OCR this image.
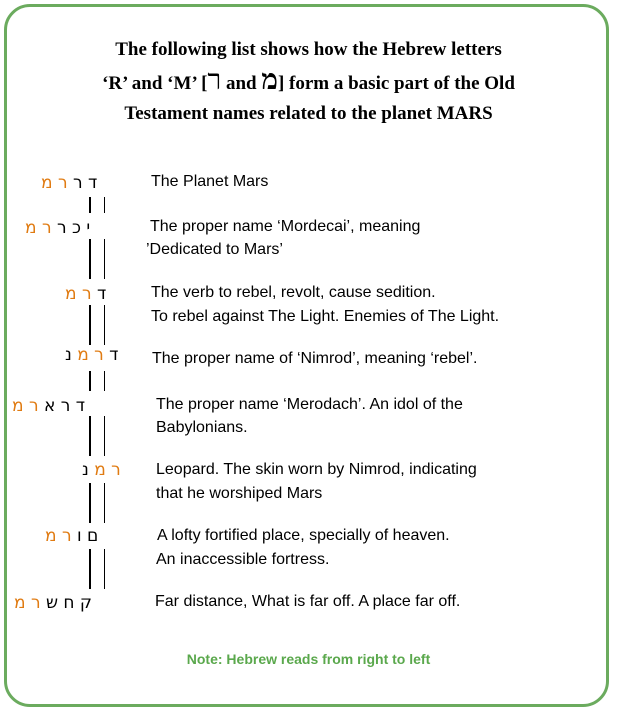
The following list shows how the Hebrew letters
‘R’ and ‘M’ [ר and מ] form a basic part of the Old
Testament names related to the planet MARS
ד ר ר מ	The Planet Mars
י כ ר ר מ	The proper name ‘Mordecai’, meaning
’Dedicated to Mars’
ד ר מ	The verb to rebel, revolt, cause sedition.
To rebel against The Light. Enemies of The Light.
ד ר מ נ	The proper name of ‘Nimrod’, meaning ‘rebel’.
ד ר א ר מ	The proper name ‘Merodach’. An idol of the
Babylonians.
ר מ נ	Leopard. The skin worn by Nimrod, indicating
that he worshiped Mars
ם ו ר מ	A lofty fortified place, specially of heaven.
An inaccessible fortress.
ק ח ש ר מ	Far distance, What is far off. A place far off.
Note: Hebrew reads from right to left
